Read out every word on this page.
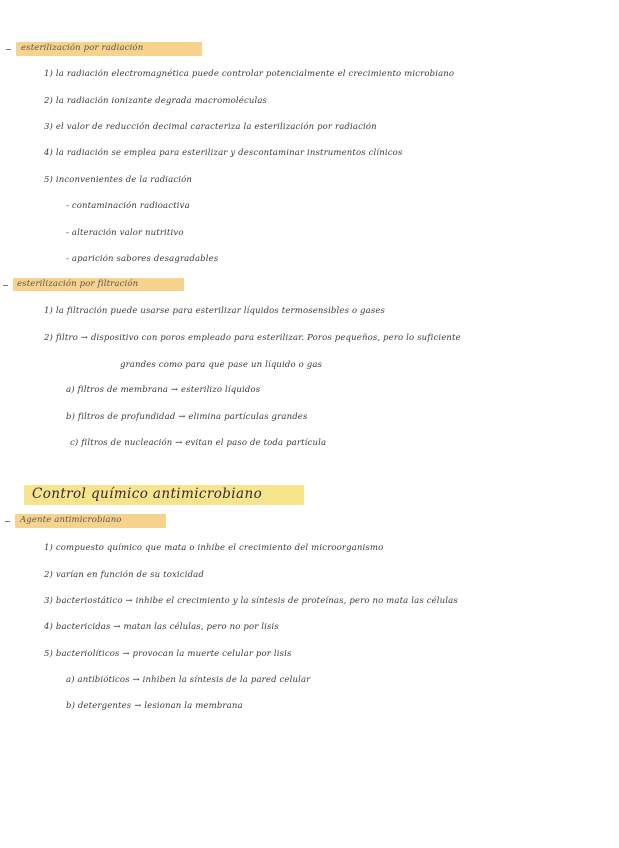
esterilización por radiación
1) la radiación electromagnética puede controlar potencialmente el crecimiento microbiano
2) la radiación ionizante degrada macromoléculas
3) el valor de reducción decimal caracteriza la esterilización por radiación
4) la radiación se emplea para esterilizar y descontaminar instrumentos clínicos
5) inconvenientes de la radiación
- contaminación radioactiva
- alteración valor nutritivo
- aparición sabores desagradables
esterilización por filtración
1) la filtración puede usarse para esterilizar líquidos termosensibles o gases
2) filtro → dispositivo con poros empleado para esterilizar. Poros pequeños, pero lo suficiente
grandes como para que pase un líquido o gas
a) filtros de membrana → esterilizo líquidos
b) filtros de profundidad → elimina partículas grandes
c) filtros de nucleación → evitan el paso de toda partícula
Control químico antimicrobiano
Agente antimicrobiano
1) compuesto químico que mata o inhibe el crecimiento del microorganismo
2) varían en función de su toxicidad
3) bacteriostático → inhibe el crecimiento y la síntesis de proteínas, pero no mata las células
4) bactericidas → matan las células, pero no por lisis
5) bacteriolíticos → provocan la muerte celular por lisis
a) antibióticos → inhiben la síntesis de la pared celular
b) detergentes → lesionan la membrana
